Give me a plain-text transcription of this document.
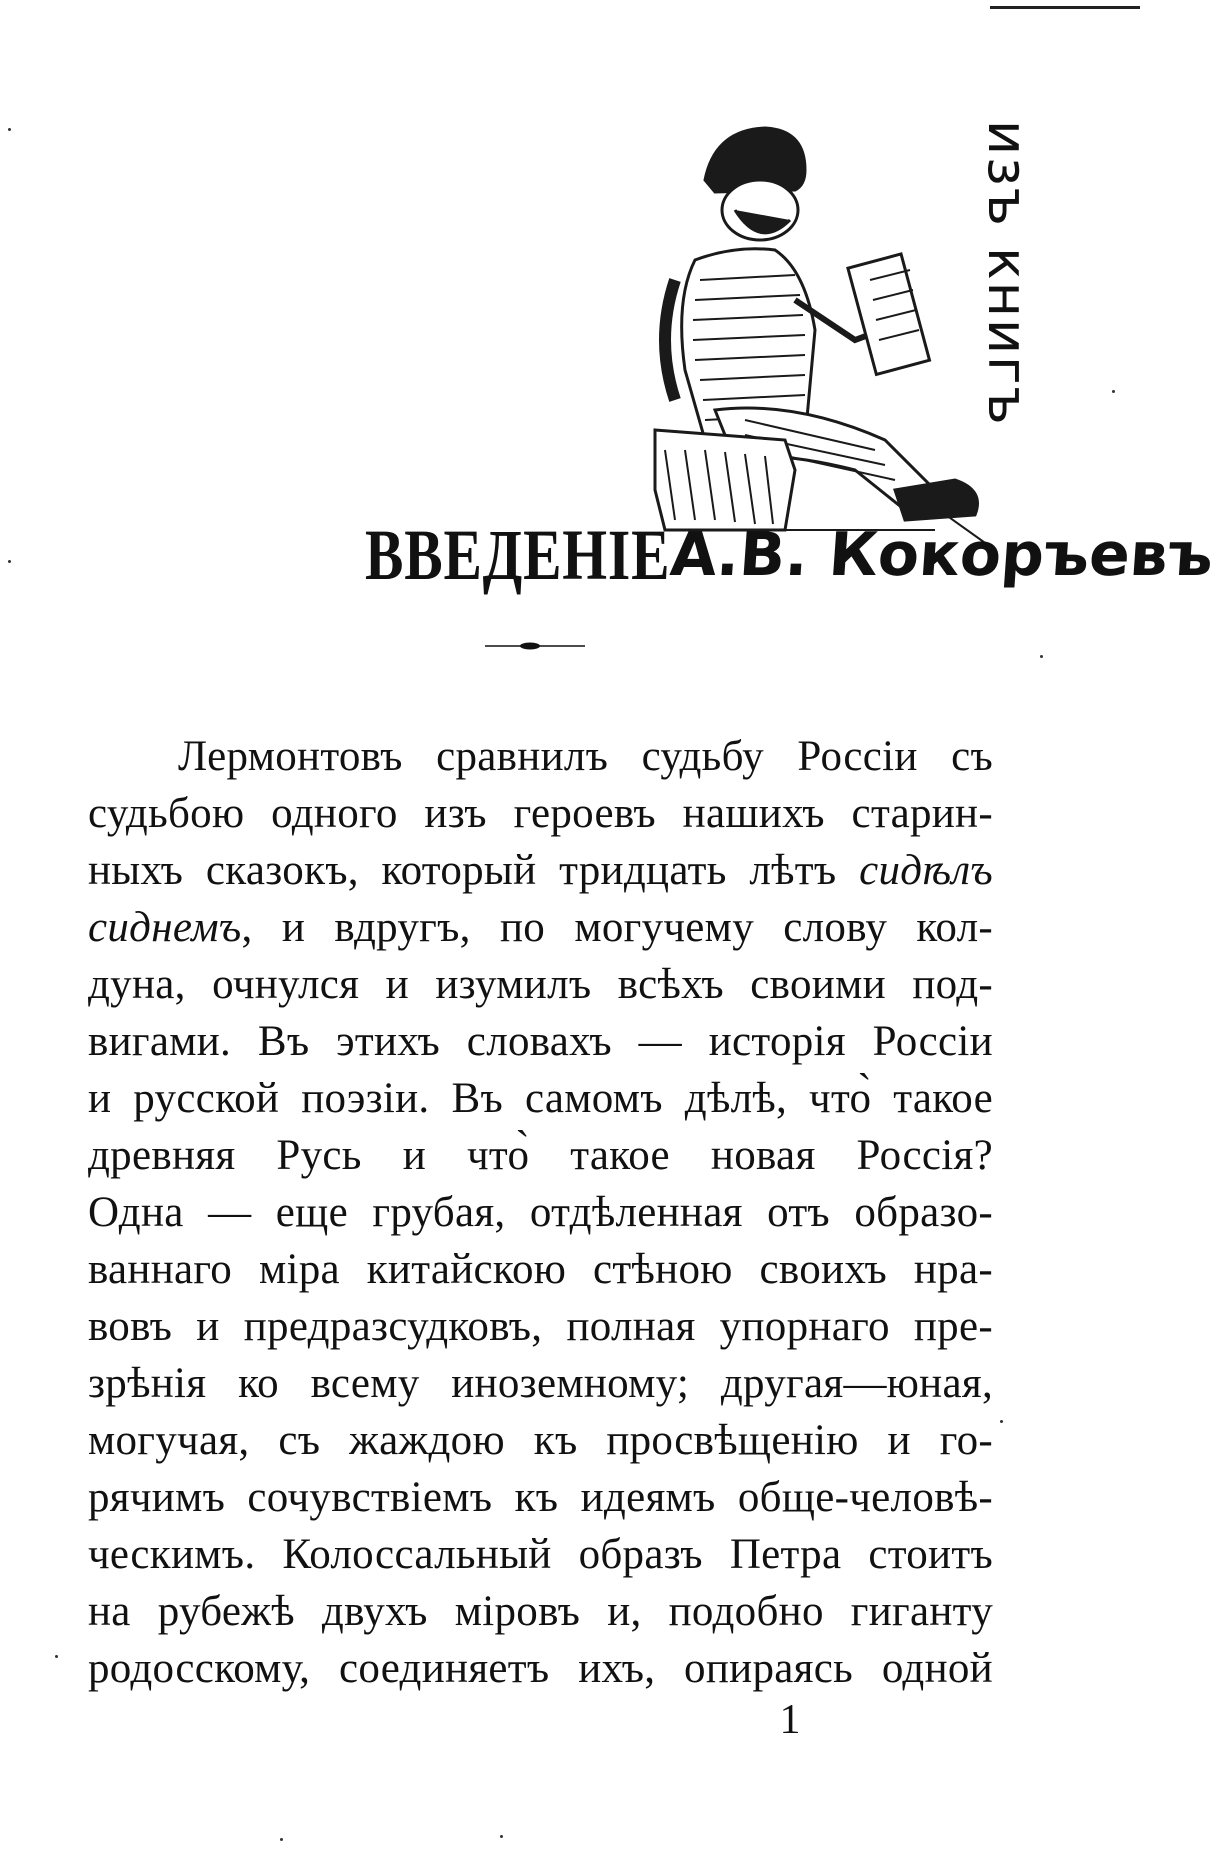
изъ книгъ
ВВЕДЕНІЕ
А.В. Кокоръевъ
Лермонтовъ сравнилъ судьбу Россіи съ
судьбою одного изъ героевъ нашихъ старин-
ныхъ сказокъ, который тридцать лѣтъ сидѣлъ
сиднемъ, и вдругъ, по могучему слову кол-
дуна, очнулся и изумилъ всѣхъ своими под-
вигами. Въ этихъ словахъ — исторія Россіи
и русской поэзіи. Въ самомъ дѣлѣ, что̀ такое
древняя Русь и что̀ такое новая Россія?
Одна — еще грубая, отдѣленная отъ образо-
ваннаго міра китайскою стѣною своихъ нра-
вовъ и предразсудковъ, полная упорнаго пре-
зрѣнія ко всему иноземному; другая—юная,
могучая, съ жаждою къ просвѣщенію и го-
рячимъ сочувствіемъ къ идеямъ обще-человѣ-
ческимъ. Колоссальный образъ Петра стоитъ
на рубежѣ двухъ міровъ и, подобно гиганту
родосскому, соединяетъ ихъ, опираясь одной
1
